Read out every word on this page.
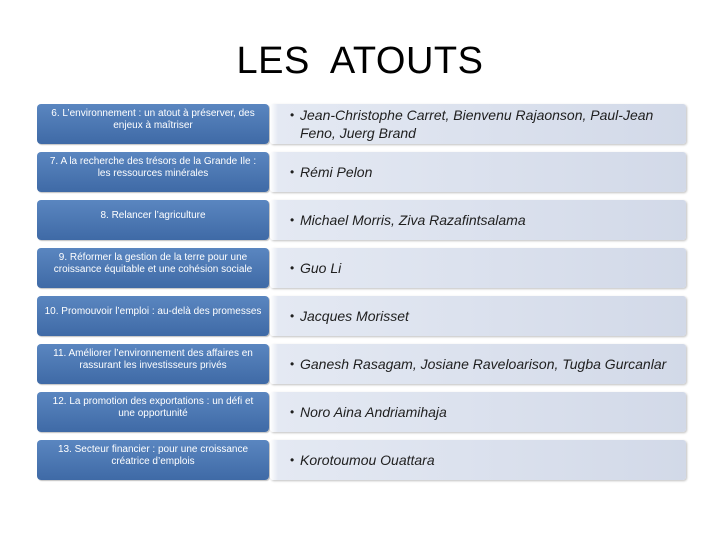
LES  ATOUTS
6. L’environnement : un atout à préserver, des enjeux à maîtriser
• Jean-Christophe Carret, Bienvenu Rajaonson, Paul-Jean Feno, Juerg Brand
7. A la recherche des trésors de la Grande Ile : les ressources minérales	• Rémi Pelon
8. Relancer l’agriculture	• Michael Morris, Ziva Razafintsalama
9. Réformer la gestion de la terre pour une croissance équitable et une cohésion sociale	• Guo Li
10. Promouvoir l’emploi : au-delà des promesses • Jacques Morisset
11. Améliorer l’environnement des affaires en rassurant les investisseurs privés	• Ganesh Rasagam, Josiane Raveloarison, Tugba Gurcanlar
12. La promotion des exportations : un défi et une opportunité	• Noro Aina Andriamihaja
13. Secteur financier : pour une croissance créatrice d’emplois	• Korotoumou Ouattara
